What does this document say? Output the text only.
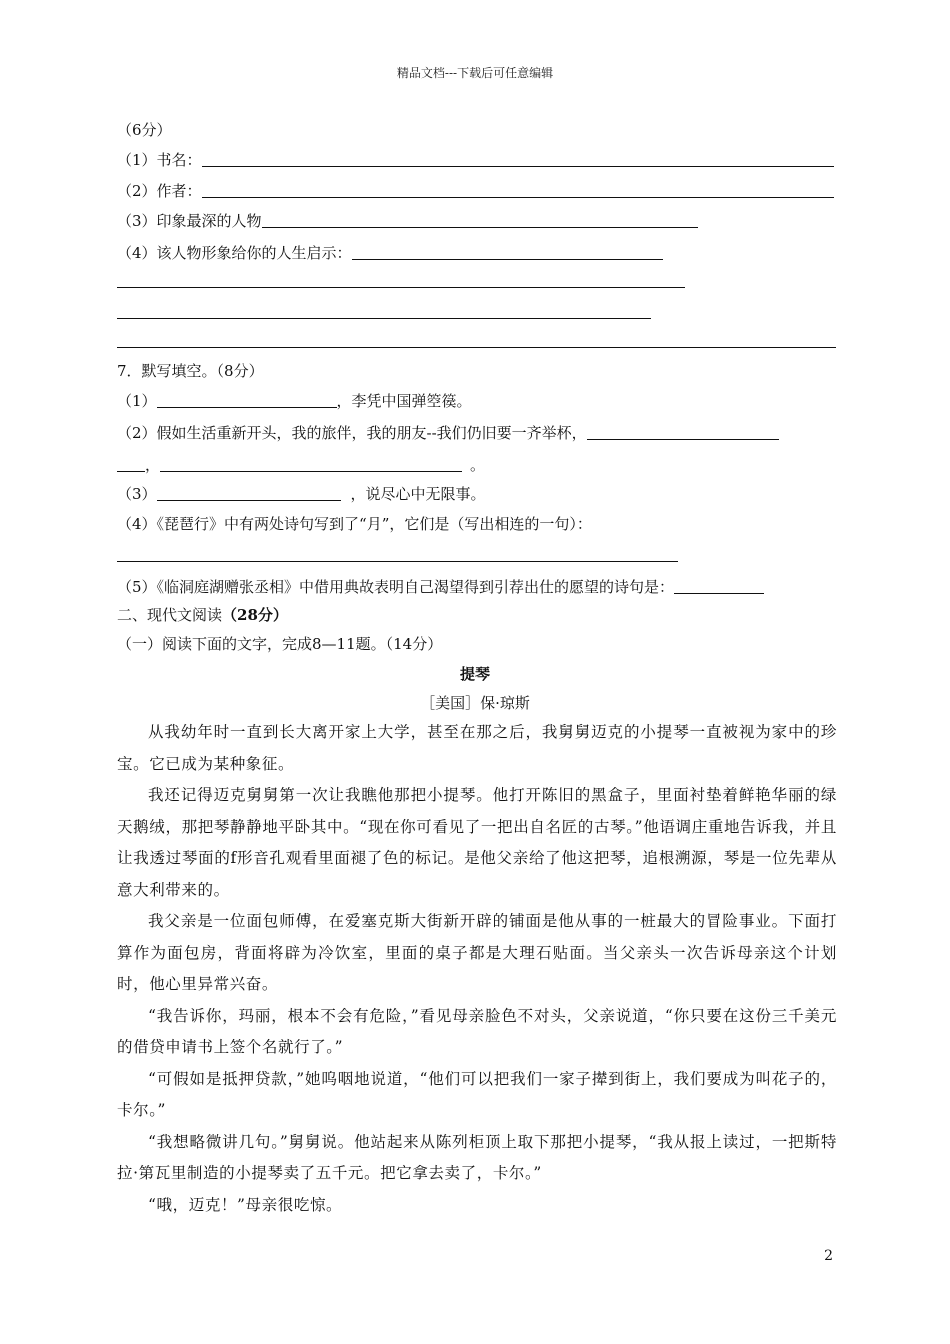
精品文档---下载后可任意编辑
（6分）
（1）书名：
（2）作者：
（3）印象最深的人物
（4）该人物形象给你的人生启示：
7．默写填空。（8分）
（1）	，李凭中国弹箜篌。
（2）假如生活重新开头，我的旅伴，我的朋友--我们仍旧要一齐举杯，
，	。
（3）	，说尽心中无限事。
（4）《琵琶行》中有两处诗句写到了“月”，它们是（写出相连的一句）：
（5）《临洞庭湖赠张丞相》中借用典故表明自己渴望得到引荐出仕的愿望的诗句是：
二、现代文阅读（28分）
（一）阅读下面的文字，完成8—11题。（14分）
提琴
［美国］保·琼斯

从我幼年时一直到长大离开家上大学，甚至在那之后，我舅舅迈克的小提琴一直被视为家中的珍宝。它已成为某种象征。

我还记得迈克舅舅第一次让我瞧他那把小提琴。他打开陈旧的黑盒子，里面衬垫着鲜艳华丽的绿天鹅绒，那把琴静静地平卧其中。“现在你可看见了一把出自名匠的古琴。”他语调庄重地告诉我，并且让我透过琴面的f形音孔观看里面褪了色的标记。是他父亲给了他这把琴，追根溯源，琴是一位先辈从意大利带来的。

我父亲是一位面包师傅，在爱塞克斯大街新开辟的铺面是他从事的一桩最大的冒险事业。下面打算作为面包房，背面将辟为冷饮室，里面的桌子都是大理石贴面。当父亲头一次告诉母亲这个计划时，他心里异常兴奋。

“我告诉你，玛丽，根本不会有危险，”看见母亲脸色不对头，父亲说道，“你只要在这份三千美元的借贷申请书上签个名就行了。”

“可假如是抵押贷款，”她呜咽地说道，“他们可以把我们一家子撵到街上，我们要成为叫花子的，卡尔。”

“我想略微讲几句。”舅舅说。他站起来从陈列柜顶上取下那把小提琴，“我从报上读过，一把斯特拉·第瓦里制造的小提琴卖了五千元。把它拿去卖了，卡尔。”

“哦，迈克！”母亲很吃惊。

2
